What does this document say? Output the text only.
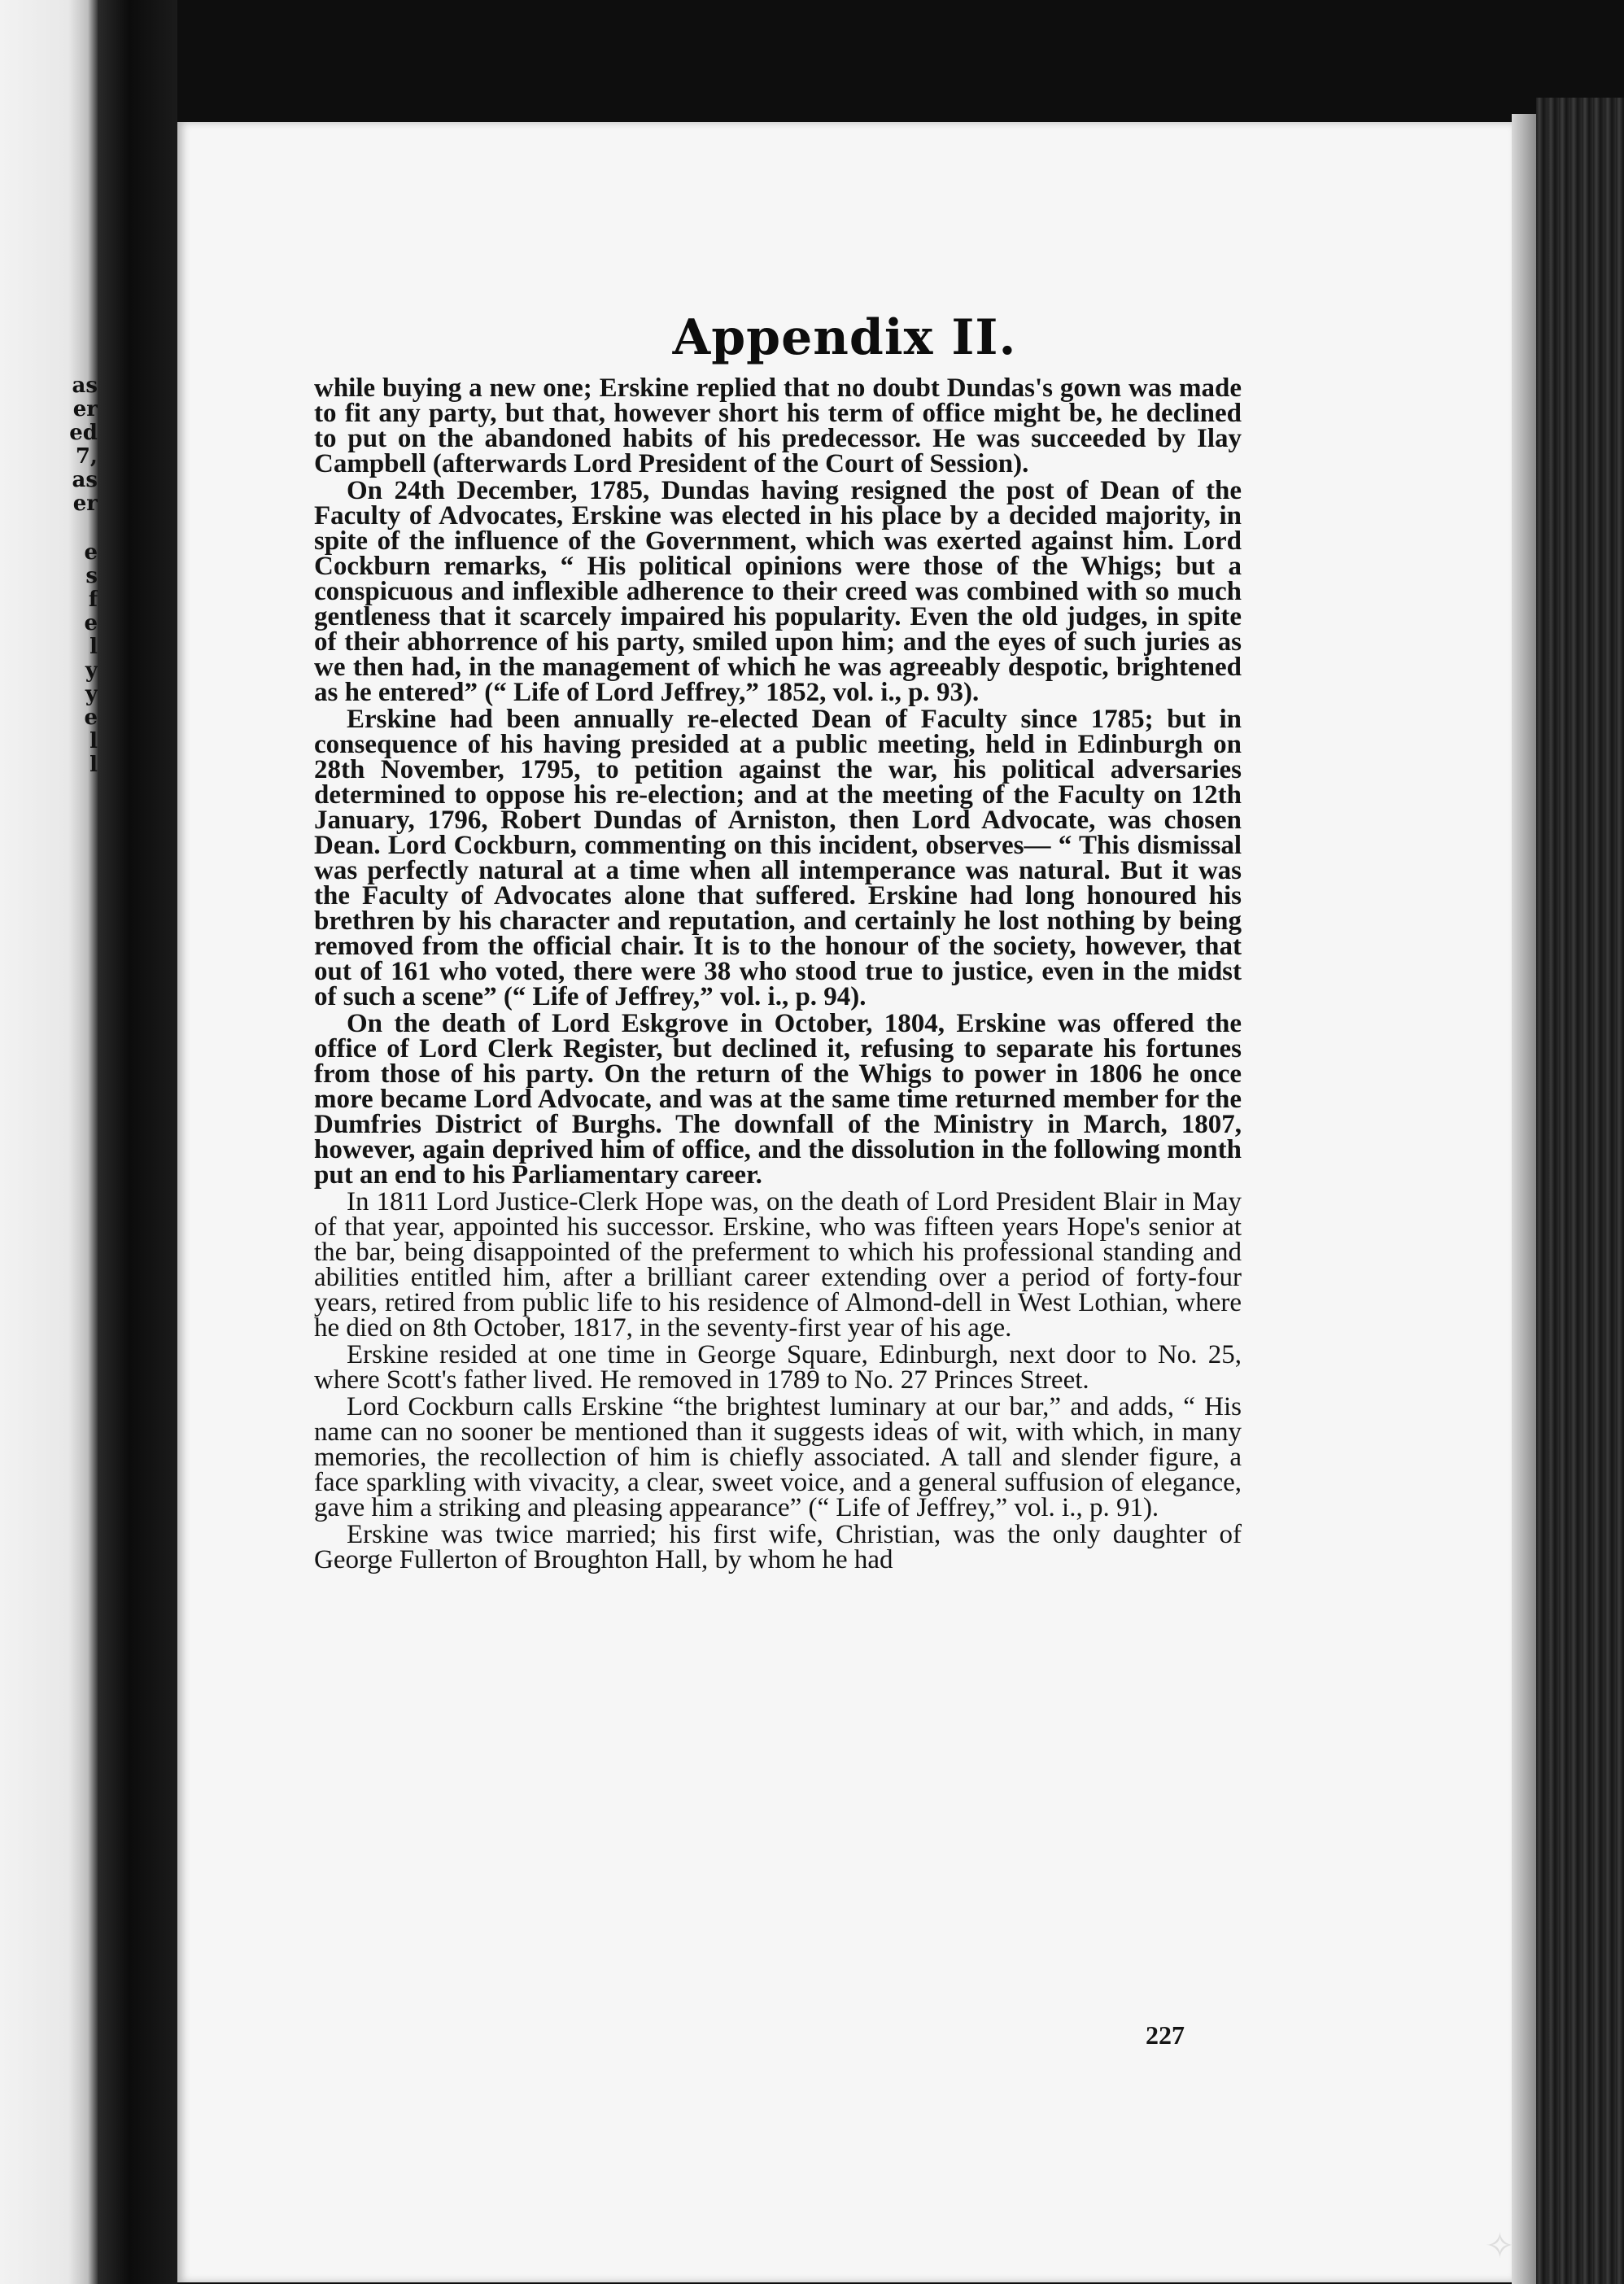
as
er
ed
7,
as
er
e
s
f
e
l
y
y
e
l
l
Appendix II.

while buying a new one; Erskine replied that no doubt Dundas's gown was made to fit any party, but that, however short his term of office might be, he declined to put on the abandoned habits of his predecessor. He was succeeded by Ilay Campbell (afterwards Lord President of the Court of Session).

On 24th December, 1785, Dundas having resigned the post of Dean of the Faculty of Advocates, Erskine was elected in his place by a decided majority, in spite of the influence of the Government, which was exerted against him. Lord Cockburn remarks, “ His political opinions were those of the Whigs; but a conspicuous and inflexible adherence to their creed was combined with so much gentleness that it scarcely impaired his popularity. Even the old judges, in spite of their abhorrence of his party, smiled upon him; and the eyes of such juries as we then had, in the management of which he was agreeably despotic, brightened as he entered” (“ Life of Lord Jeffrey,” 1852, vol. i., p. 93).

Erskine had been annually re-elected Dean of Faculty since 1785; but in consequence of his having presided at a public meeting, held in Edinburgh on 28th November, 1795, to petition against the war, his political adversaries determined to oppose his re-election; and at the meeting of the Faculty on 12th January, 1796, Robert Dundas of Arniston, then Lord Advocate, was chosen Dean. Lord Cockburn, commenting on this incident, observes— “ This dismissal was perfectly natural at a time when all intemperance was natural. But it was the Faculty of Advocates alone that suffered. Erskine had long honoured his brethren by his character and reputation, and certainly he lost nothing by being removed from the official chair. It is to the honour of the society, however, that out of 161 who voted, there were 38 who stood true to justice, even in the midst of such a scene” (“ Life of Jeffrey,” vol. i., p. 94).

On the death of Lord Eskgrove in October, 1804, Erskine was offered the office of Lord Clerk Register, but declined it, refusing to separate his fortunes from those of his party. On the return of the Whigs to power in 1806 he once more became Lord Advocate, and was at the same time returned member for the Dumfries District of Burghs. The downfall of the Ministry in March, 1807, however, again deprived him of office, and the dissolution in the following month put an end to his Parliamentary career.

In 1811 Lord Justice-Clerk Hope was, on the death of Lord President Blair in May of that year, appointed his successor. Erskine, who was fifteen years Hope's senior at the bar, being disappointed of the preferment to which his professional standing and abilities entitled him, after a brilliant career extending over a period of forty-four years, retired from public life to his residence of Almond-dell in West Lothian, where he died on 8th October, 1817, in the seventy-first year of his age.

Erskine resided at one time in George Square, Edinburgh, next door to No. 25, where Scott's father lived. He removed in 1789 to No. 27 Princes Street.

Lord Cockburn calls Erskine “the brightest luminary at our bar,” and adds, “ His name can no sooner be mentioned than it suggests ideas of wit, with which, in many memories, the recollection of him is chiefly associated. A tall and slender figure, a face sparkling with vivacity, a clear, sweet voice, and a general suffusion of elegance, gave him a striking and pleasing appearance” (“ Life of Jeffrey,” vol. i., p. 91).

Erskine was twice married; his first wife, Christian, was the only daughter of George Fullerton of Broughton Hall, by whom he had

227
✧
